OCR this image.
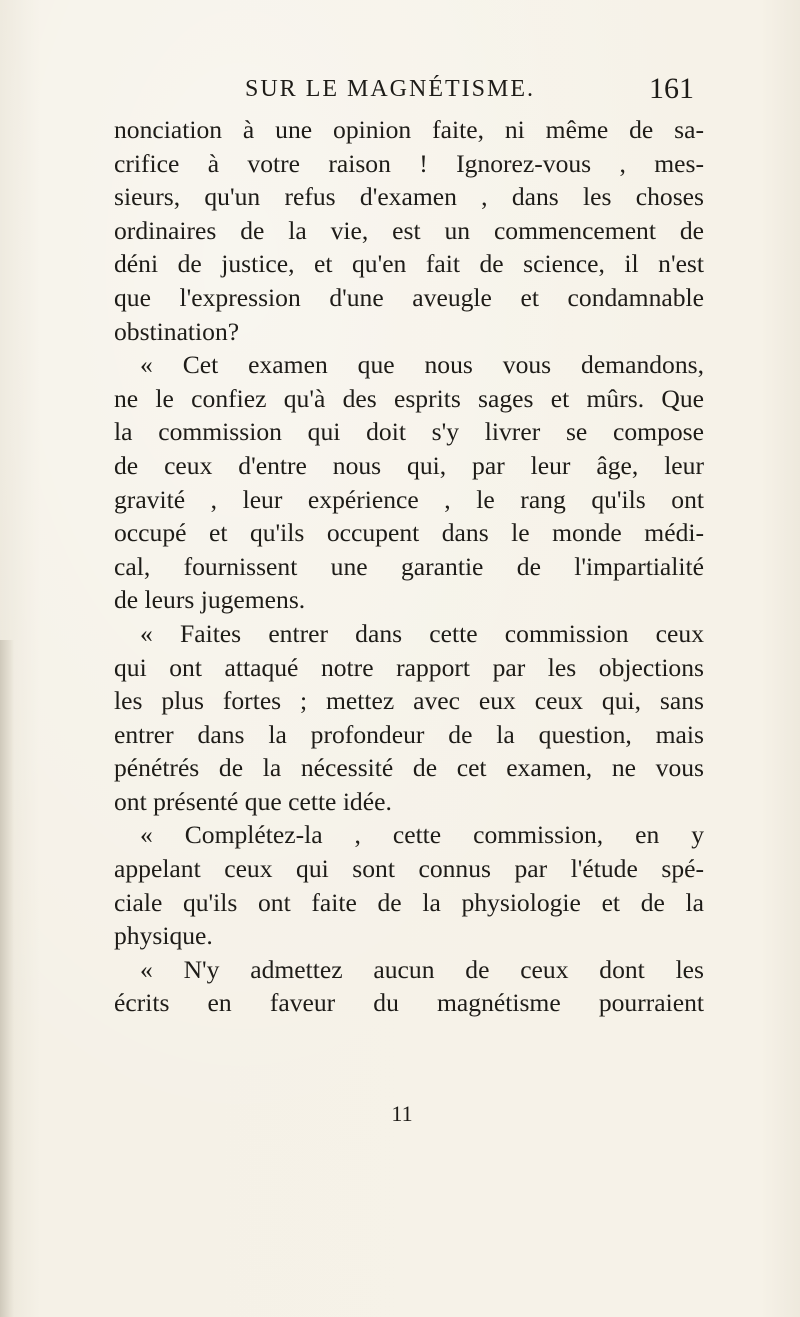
SUR LE MAGNÉTISME.	161
nonciation à une opinion faite, ni même de sa-
crifice à votre raison ! Ignorez-vous , mes-
sieurs, qu'un refus d'examen , dans les choses
ordinaires de la vie, est un commencement de
déni de justice, et qu'en fait de science, il n'est
que l'expression d'une aveugle et condamnable
obstination?
« Cet examen que nous vous demandons,
ne le confiez qu'à des esprits sages et mûrs. Que
la commission qui doit s'y livrer se compose
de ceux d'entre nous qui, par leur âge, leur
gravité , leur expérience , le rang qu'ils ont
occupé et qu'ils occupent dans le monde médi-
cal, fournissent une garantie de l'impartialité
de leurs jugemens.
« Faites entrer dans cette commission ceux
qui ont attaqué notre rapport par les objections
les plus fortes ; mettez avec eux ceux qui, sans
entrer dans la profondeur de la question, mais
pénétrés de la nécessité de cet examen, ne vous
ont présenté que cette idée.
« Complétez-la , cette commission, en y
appelant ceux qui sont connus par l'étude spé-
ciale qu'ils ont faite de la physiologie et de la
physique.
« N'y admettez aucun de ceux dont les
écrits en faveur du magnétisme pourraient
11
